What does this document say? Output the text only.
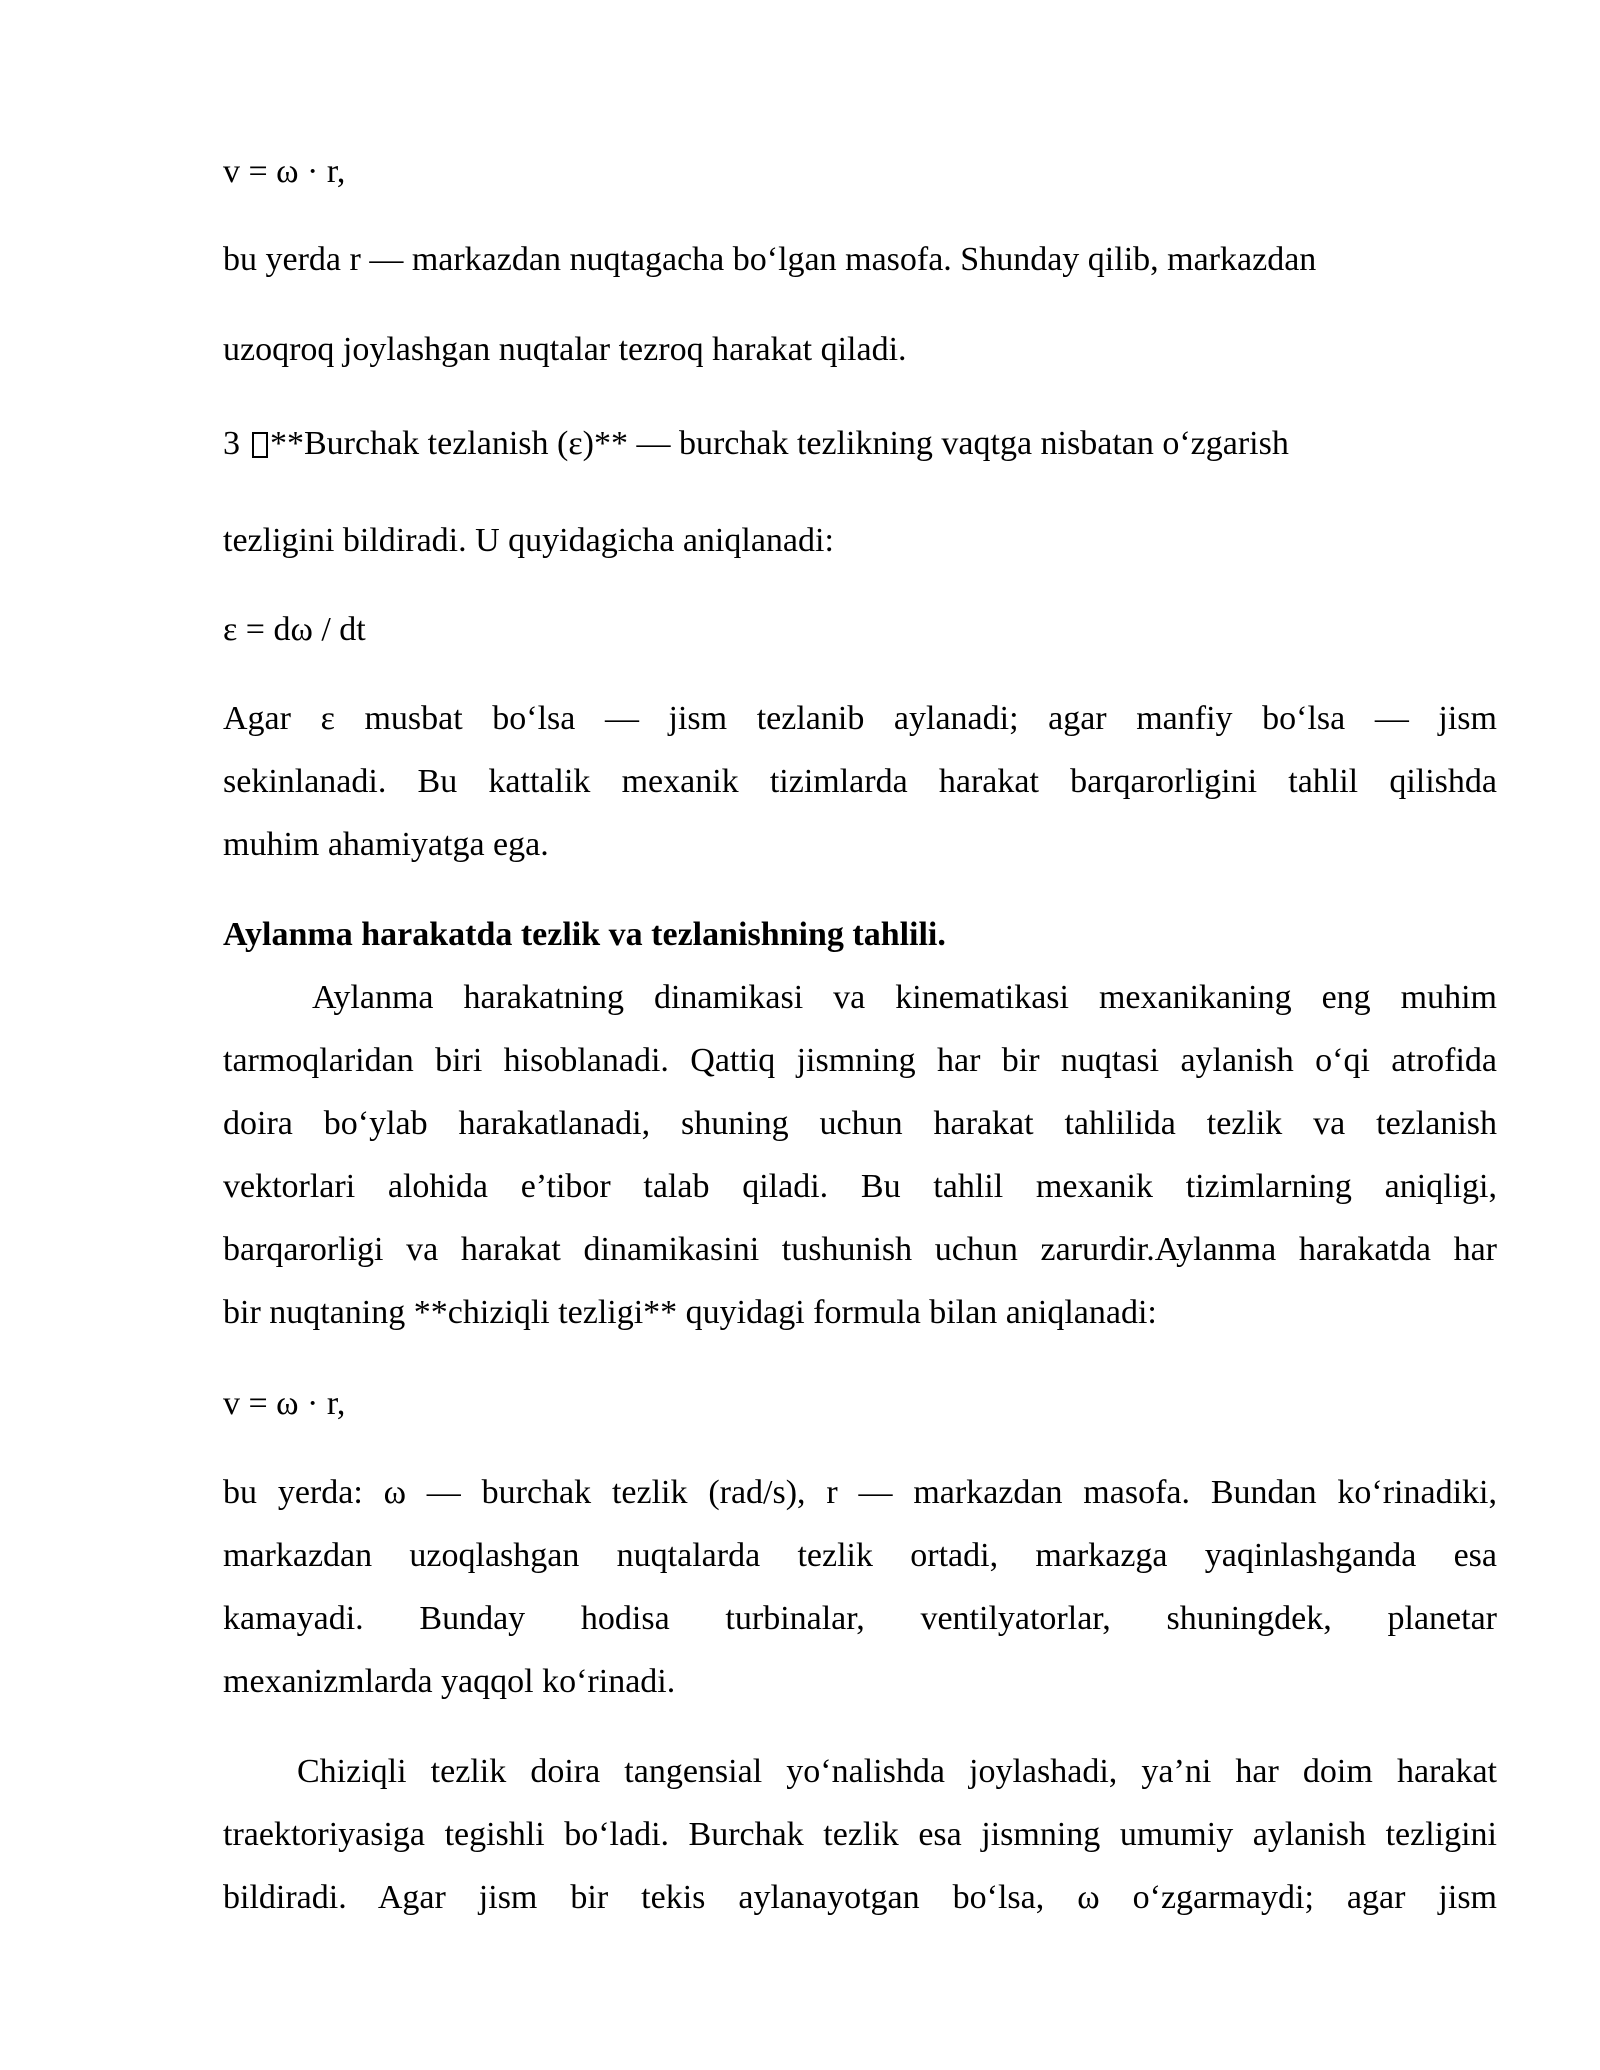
v = ω · r,
bu yerda r — markazdan nuqtagacha bo‘lgan masofa. Shunday qilib, markazdan
uzoqroq joylashgan nuqtalar tezroq harakat qiladi.
3 **Burchak tezlanish (ε)** — burchak tezlikning vaqtga nisbatan o‘zgarish
tezligini bildiradi. U quyidagicha aniqlanadi:
ε = dω / dt
Agar ε musbat bo‘lsa — jism tezlanib aylanadi; agar manfiy bo‘lsa — jism
sekinlanadi. Bu kattalik mexanik tizimlarda harakat barqarorligini tahlil qilishda
muhim ahamiyatga ega.
Aylanma harakatda tezlik va tezlanishning tahlili.
Aylanma harakatning dinamikasi va kinematikasi mexanikaning eng muhim
tarmoqlaridan biri hisoblanadi. Qattiq jismning har bir nuqtasi aylanish o‘qi atrofida
doira bo‘ylab harakatlanadi, shuning uchun harakat tahlilida tezlik va tezlanish
vektorlari alohida e’tibor talab qiladi. Bu tahlil mexanik tizimlarning aniqligi,
barqarorligi va harakat dinamikasini tushunish uchun zarurdir.Aylanma harakatda har
bir nuqtaning **chiziqli tezligi** quyidagi formula bilan aniqlanadi:
v = ω · r,
bu yerda: ω — burchak tezlik (rad/s), r — markazdan masofa. Bundan ko‘rinadiki,
markazdan uzoqlashgan nuqtalarda tezlik ortadi, markazga yaqinlashganda esa
kamayadi. Bunday hodisa turbinalar, ventilyatorlar, shuningdek, planetar
mexanizmlarda yaqqol ko‘rinadi.
Chiziqli tezlik doira tangensial yo‘nalishda joylashadi, ya’ni har doim harakat
traektoriyasiga tegishli bo‘ladi. Burchak tezlik esa jismning umumiy aylanish tezligini
bildiradi. Agar jism bir tekis aylanayotgan bo‘lsa, ω o‘zgarmaydi; agar jism
